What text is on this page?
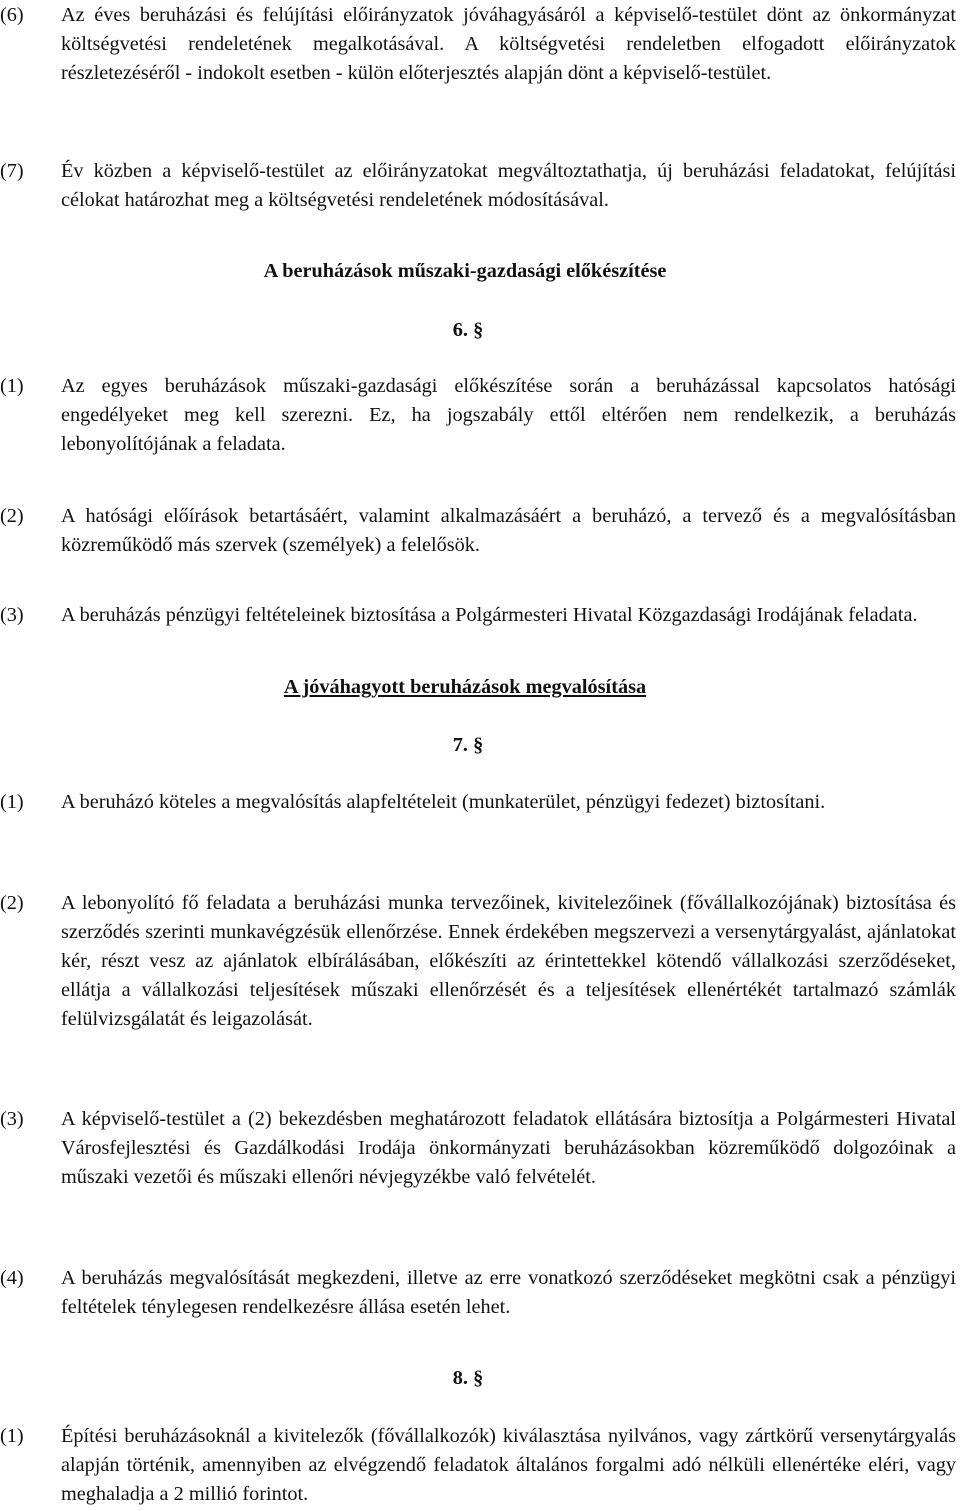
(6)	Az éves beruházási és felújítási előirányzatok jóváhagyásáról a képviselő-testület dönt az önkormányzat költségvetési rendeletének megalkotásával. A költségvetési rendeletben elfogadott előirányzatok részletezéséről - indokolt esetben - külön előterjesztés alapján dönt a képviselő-testület.
(7)	Év közben a képviselő-testület az előirányzatokat megváltoztathatja, új beruházási feladatokat, felújítási célokat határozhat meg a költségvetési rendeletének módosításával.
A beruházások műszaki-gazdasági előkészítése
6. §
(1)	Az egyes beruházások műszaki-gazdasági előkészítése során a beruházással kapcsolatos hatósági engedélyeket meg kell szerezni. Ez, ha jogszabály ettől eltérően nem rendelkezik, a beruházás lebonyolítójának a feladata.
(2)	A hatósági előírások betartásáért, valamint alkalmazásáért a beruházó, a tervező és a megvalósításban közreműködő más szervek (személyek) a felelősök.
(3)	A beruházás pénzügyi feltételeinek biztosítása a Polgármesteri Hivatal Közgazdasági Irodájának feladata.
A jóváhagyott beruházások megvalósítása
7. §
(1)	A beruházó köteles a megvalósítás alapfeltételeit (munkaterület, pénzügyi fedezet) biztosítani.
(2)	A lebonyolító fő feladata a beruházási munka tervezőinek, kivitelezőinek (fővállalkozójának) biztosítása és szerződés szerinti munkavégzésük ellenőrzése. Ennek érdekében megszervezi a versenytárgyalást, ajánlatokat kér, részt vesz az ajánlatok elbírálásában, előkészíti az érintettekkel kötendő vállalkozási szerződéseket, ellátja a vállalkozási teljesítések műszaki ellenőrzését és a teljesítések ellenértékét tartalmazó számlák felülvizsgálatát és leigazolását.
(3)	A képviselő-testület a (2) bekezdésben meghatározott feladatok ellátására biztosítja a Polgármesteri Hivatal Városfejlesztési és Gazdálkodási Irodája önkormányzati beruházásokban közreműködő dolgozóinak a műszaki vezetői és műszaki ellenőri névjegyzékbe való felvételét.
(4)	A beruházás megvalósítását megkezdeni, illetve az erre vonatkozó szerződéseket megkötni csak a pénzügyi feltételek ténylegesen rendelkezésre állása esetén lehet.
8. §
(1)	Építési beruházásoknál a kivitelezők (fővállalkozók) kiválasztása nyilvános, vagy zártkörű versenytárgyalás alapján történik, amennyiben az elvégzendő feladatok általános forgalmi adó nélküli ellenértéke eléri, vagy meghaladja a 2 millió forintot.
